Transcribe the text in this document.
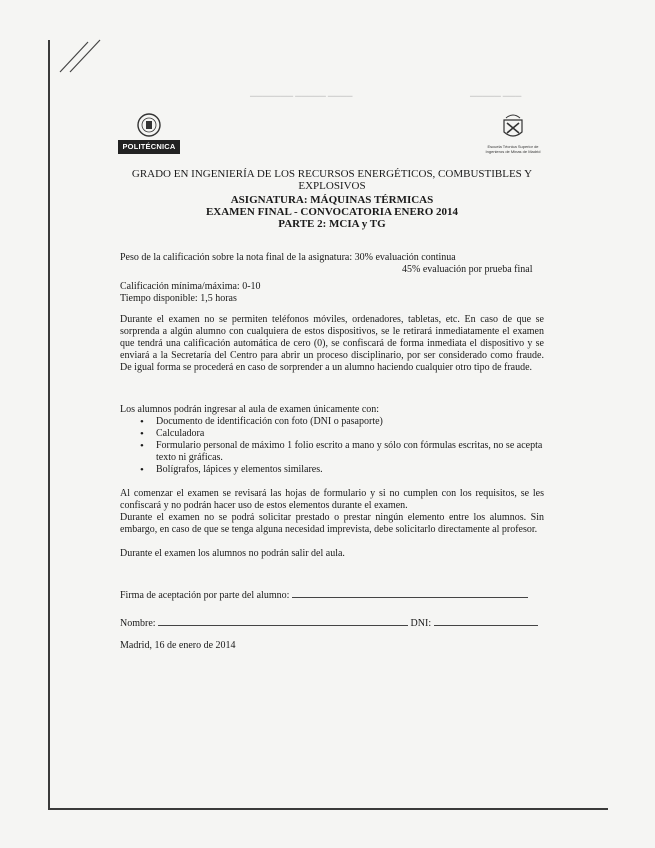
▁▁▁▁▁▁▁ ▁▁▁▁▁ ▁▁▁▁	▁▁▁▁▁ ▁▁▁
POLITÉCNICA	Escuela Técnica Superior de Ingenieros de Minas de Madrid
GRADO EN INGENIERÍA DE LOS RECURSOS ENERGÉTICOS, COMBUSTIBLES Y EXPLOSIVOS
ASIGNATURA: MÁQUINAS TÉRMICAS
EXAMEN FINAL - CONVOCATORIA ENERO 2014
PARTE 2: MCIA y TG
Peso de la calificación sobre la nota final de la asignatura: 30% evaluación continua
45% evaluación por prueba final
Calificación mínima/máxima: 0-10
Tiempo disponible: 1,5 horas
Durante el examen no se permiten teléfonos móviles, ordenadores, tabletas, etc. En caso de que se sorprenda a algún alumno con cualquiera de estos dispositivos, se le retirará inmediatamente el examen que tendrá una calificación automática de cero (0), se confiscará de forma inmediata el dispositivo y se enviará a la Secretaría del Centro para abrir un proceso disciplinario, por ser considerado como fraude. De igual forma se procederá en caso de sorprender a un alumno haciendo cualquier otro tipo de fraude.
Los alumnos podrán ingresar al aula de examen únicamente con:
• Documento de identificación con foto (DNI o pasaporte)
• Calculadora
• Formulario personal de máximo 1 folio escrito a mano y sólo con fórmulas escritas, no se acepta texto ni gráficas.
• Bolígrafos, lápices y elementos similares.
Al comenzar el examen se revisará las hojas de formulario y si no cumplen con los requisitos, se les confiscará y no podrán hacer uso de estos elementos durante el examen.
Durante el examen no se podrá solicitar prestado o prestar ningún elemento entre los alumnos. Sin embargo, en caso de que se tenga alguna necesidad imprevista, debe solicitarlo directamente al profesor.
Durante el examen los alumnos no podrán salir del aula.
Firma de aceptación por parte del alumno:
Nombre:	DNI:
Madrid, 16 de enero de 2014
